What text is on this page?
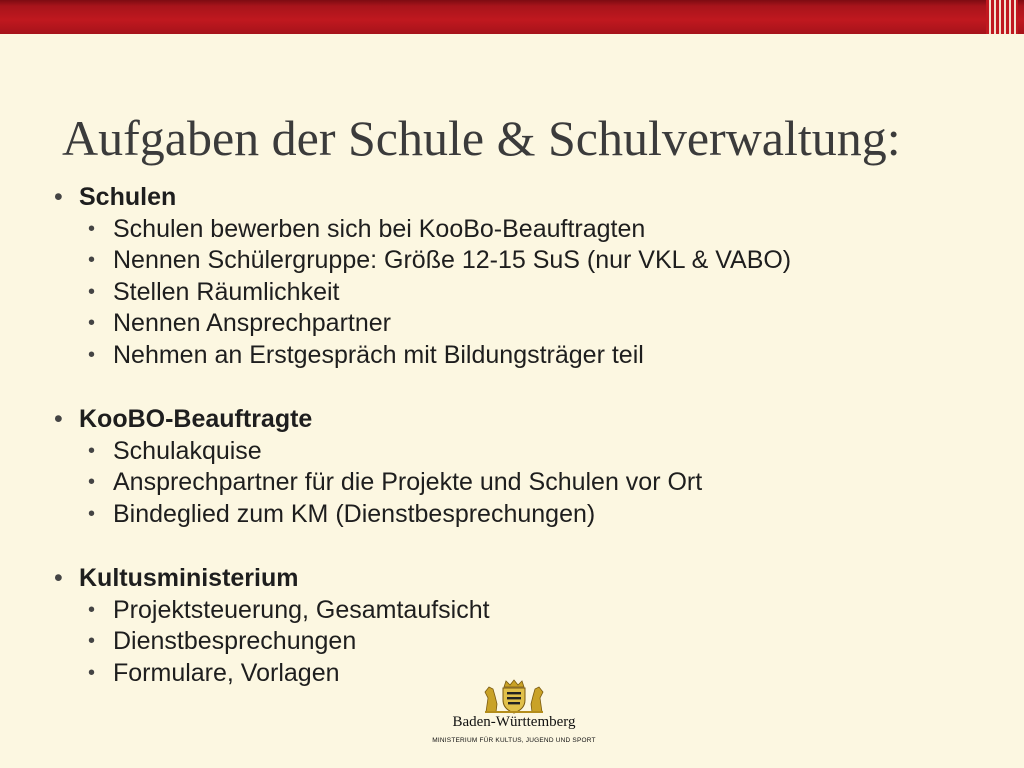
Aufgaben der Schule & Schulverwaltung:
• Schulen
• Schulen bewerben sich bei KooBo-Beauftragten
• Nennen Schülergruppe: Größe 12-15 SuS (nur VKL & VABO)
• Stellen Räumlichkeit
• Nennen Ansprechpartner
• Nehmen an Erstgespräch mit Bildungsträger teil
• KooBO-Beauftragte
• Schulakquise
• Ansprechpartner für die Projekte und Schulen vor Ort
• Bindeglied zum KM (Dienstbesprechungen)
• Kultusministerium
• Projektsteuerung, Gesamtaufsicht
• Dienstbesprechungen
• Formulare, Vorlagen
Baden-Württemberg
MINISTERIUM FÜR KULTUS, JUGEND UND SPORT
